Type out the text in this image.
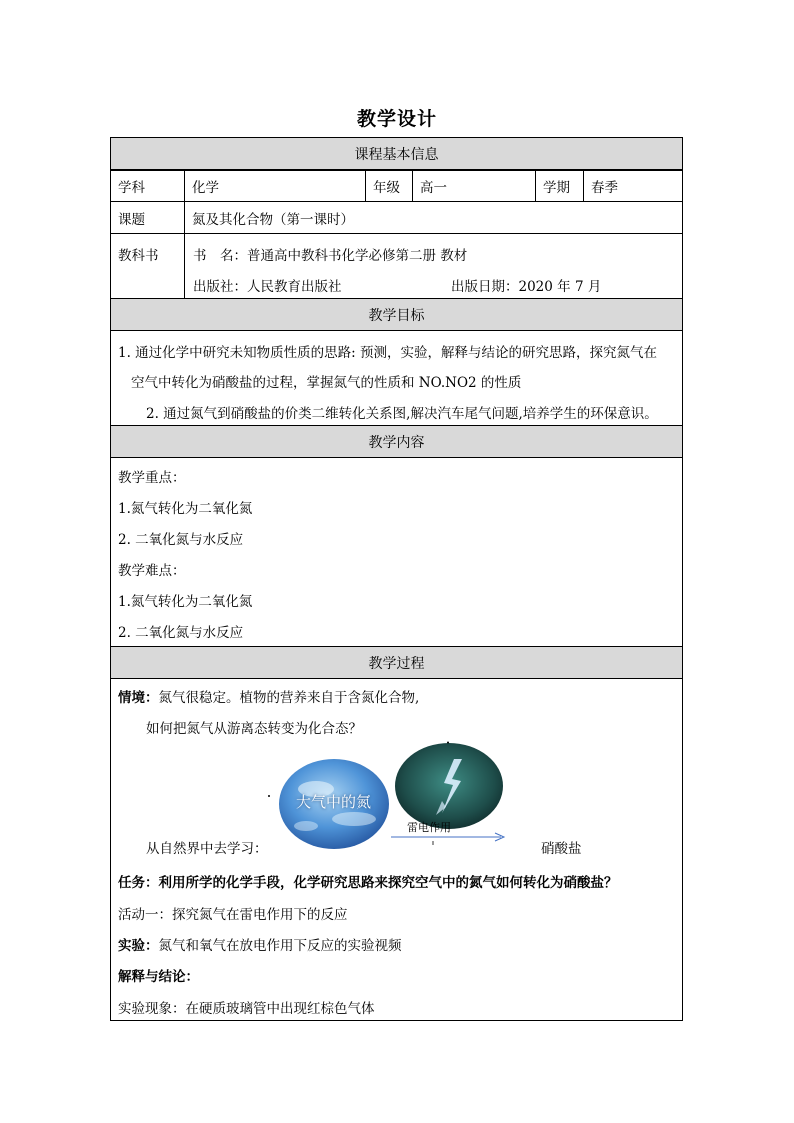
教学设计
课程基本信息
学科	化学	年级 高一	学期 春季
课题	氮及其化合物（第一课时）
教科书	书　名：普通高中教科书化学必修第二册 教材
出版社：人民教育出版社	出版日期：2020 年 7 月
教学目标
1. 通过化学中研究未知物质性质的思路: 预测，实验，解释与结论的研究思路，探究氮气在
空气中转化为硝酸盐的过程，掌握氮气的性质和 NO.NO2 的性质
2. 通过氮气到硝酸盐的价类二维转化关系图,解决汽车尾气问题,培养学生的环保意识。
教学内容
教学重点：
1.氮气转化为二氧化氮
2. 二氧化氮与水反应
教学难点：
1.氮气转化为二氧化氮
2. 二氧化氮与水反应
教学过程
情境：氮气很稳定。植物的营养来自于含氮化合物,
如何把氮气从游离态转变为化合态？
大气中的氮
雷电作用
从自然界中去学习：	硝酸盐
任务：利用所学的化学手段，化学研究思路来探究空气中的氮气如何转化为硝酸盐？
活动一：探究氮气在雷电作用下的反应
实验：氮气和氧气在放电作用下反应的实验视频
解释与结论：
实验现象：在硬质玻璃管中出现红棕色气体
